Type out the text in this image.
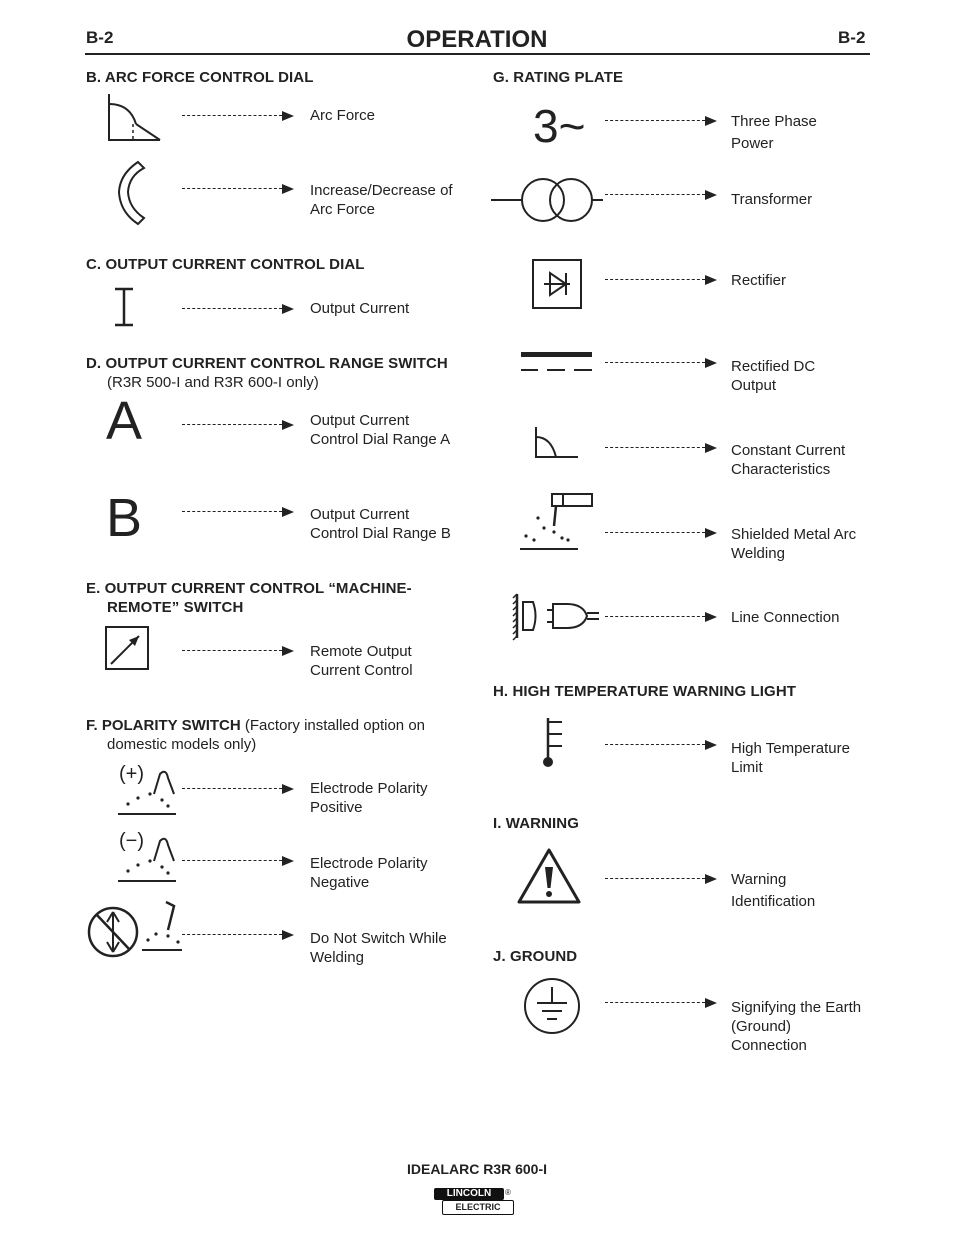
B-2	OPERATION	B-2
B. ARC FORCE CONTROL DIAL
Arc Force
Increase/Decrease of
Arc Force
C. OUTPUT CURRENT CONTROL DIAL
Output Current
D. OUTPUT CURRENT CONTROL RANGE SWITCH
(R3R 500-I and R3R 600-I only)
A	Output Current
Control Dial Range A
B	Output Current
Control Dial Range B
E. OUTPUT CURRENT CONTROL “MACHINE-
REMOTE” SWITCH
Remote Output
Current Control
F. POLARITY SWITCH (Factory installed option on
domestic models only)
(+)
Electrode Polarity
Positive
(−)
Electrode Polarity
Negative
Do Not Switch While
Welding
G. RATING PLATE
3~	Three Phase
Power
Transformer
Rectifier
Rectified DC
Output
Constant Current
Characteristics
Shielded Metal Arc
Welding
Line Connection
H. HIGH TEMPERATURE WARNING LIGHT
High Temperature
Limit
I. WARNING
Warning
Identification
J. GROUND
Signifying the Earth
(Ground)
Connection
IDEALARC R3R 600-I
LINCOLN
ELECTRIC
®
